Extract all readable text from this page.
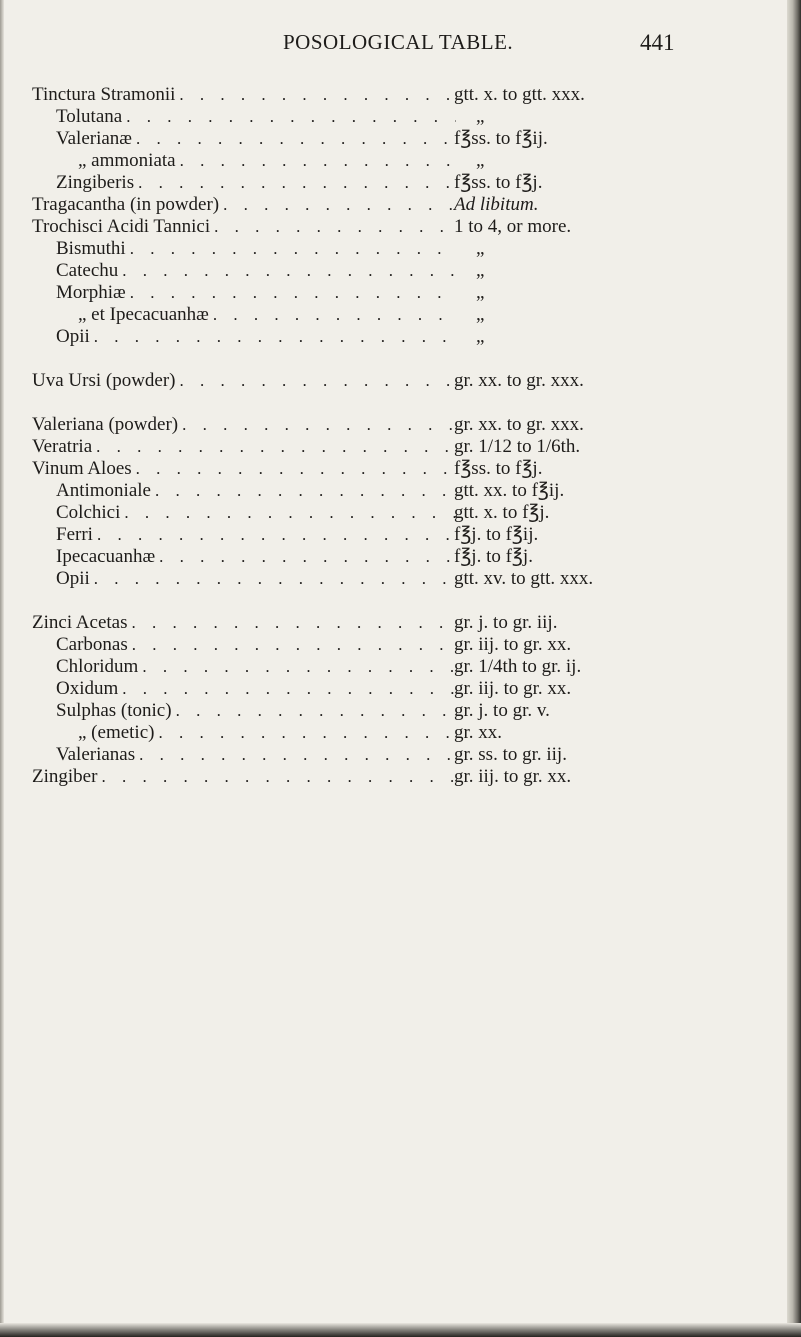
POSOLOGICAL TABLE.	441
Tinctura Stramonii . . .	gtt. x. to gtt. xxx.
Tolutana . . .	„
Valerianæ . . .	f℥ss. to f℥ij.
„ ammoniata . . .	„
Zingiberis . . .	f℥ss. to f℥j.
Tragacantha (in powder) . . .	Ad libitum.
Trochisci Acidi Tannici . . .	1 to 4, or more.
Bismuthi . . .	„
Catechu . . .	„
Morphiæ . . .	„
„ et Ipecacuanhæ . . .	„
Opii . . .	„
Uva Ursi (powder) . . .	gr. xx. to gr. xxx.
Valeriana (powder) . . .	gr. xx. to gr. xxx.
Veratria . . .	gr. 1/12 to 1/6th.
Vinum Aloes . . .	f℥ss. to f℥j.
Antimoniale . . .	gtt. xx. to f℥ij.
Colchici . . .	gtt. x. to f℥j.
Ferri . . .	f℥j. to f℥ij.
Ipecacuanhæ . . .	f℥j. to f℥j.
Opii . . .	gtt. xv. to gtt. xxx.
Zinci Acetas . . .	gr. j. to gr. iij.
Carbonas . . .	gr. iij. to gr. xx.
Chloridum . . .	gr. 1/4th to gr. ij.
Oxidum . . .	gr. iij. to gr. xx.
Sulphas (tonic) . . .	gr. j. to gr. v.
„ (emetic) . . .	gr. xx.
Valerianas . . .	gr. ss. to gr. iij.
Zingiber . . .	gr. iij. to gr. xx.
